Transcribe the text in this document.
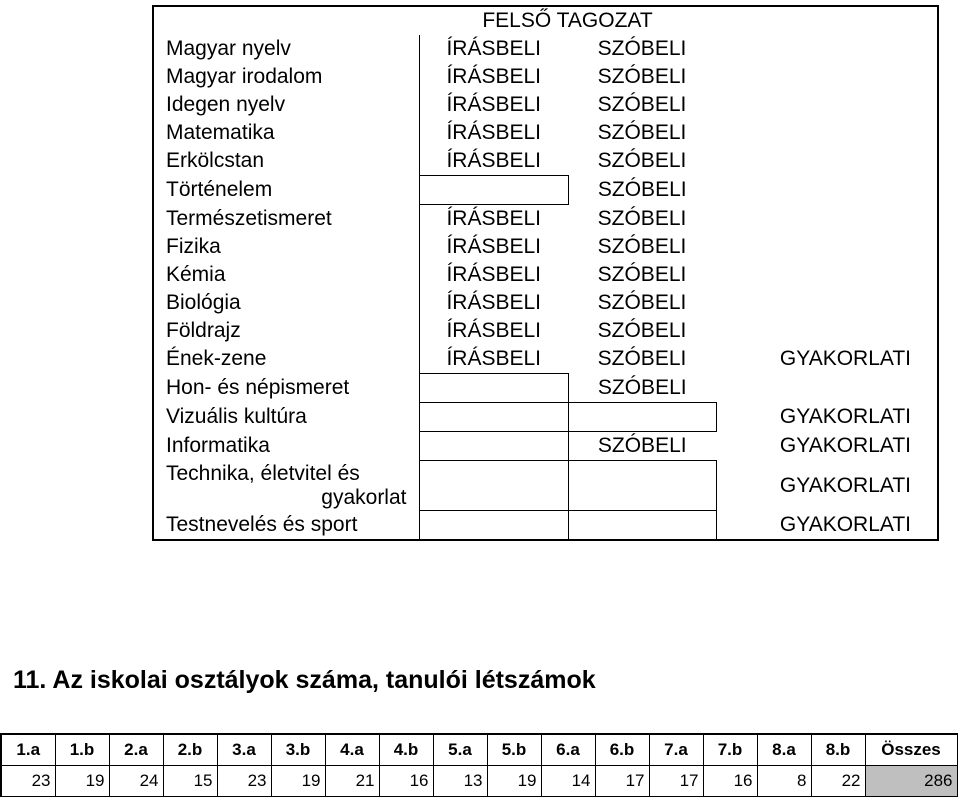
	FELSŐ TAGOZAT		
Magyar nyelv	ÍRÁSBELI	SZÓBELI	
Magyar irodalom	ÍRÁSBELI	SZÓBELI	
Idegen nyelv	ÍRÁSBELI	SZÓBELI	
Matematika	ÍRÁSBELI	SZÓBELI	
Erkölcstan	ÍRÁSBELI	SZÓBELI	
Történelem		SZÓBELI	
Természetismeret	ÍRÁSBELI	SZÓBELI	
Fizika	ÍRÁSBELI	SZÓBELI	
Kémia	ÍRÁSBELI	SZÓBELI	
Biológia	ÍRÁSBELI	SZÓBELI	
Földrajz	ÍRÁSBELI	SZÓBELI	
Ének-zene	ÍRÁSBELI	SZÓBELI	GYAKORLATI
Hon- és népismeret		SZÓBELI	
Vizuális kultúra			GYAKORLATI
Informatika		SZÓBELI	GYAKORLATI
Technika, életvitel és
gyakorlat			GYAKORLATI
Testnevelés és sport			GYAKORLATI
11. Az iskolai osztályok száma, tanulói létszámok
1.a	1.b	2.a	2.b	3.a	3.b	4.a	4.b	5.a	5.b	6.a	6.b	7.a	7.b	8.a	8.b	Összes
23	19	24	15	23	19	21	16	13	19	14	17	17	16	8	22	286
